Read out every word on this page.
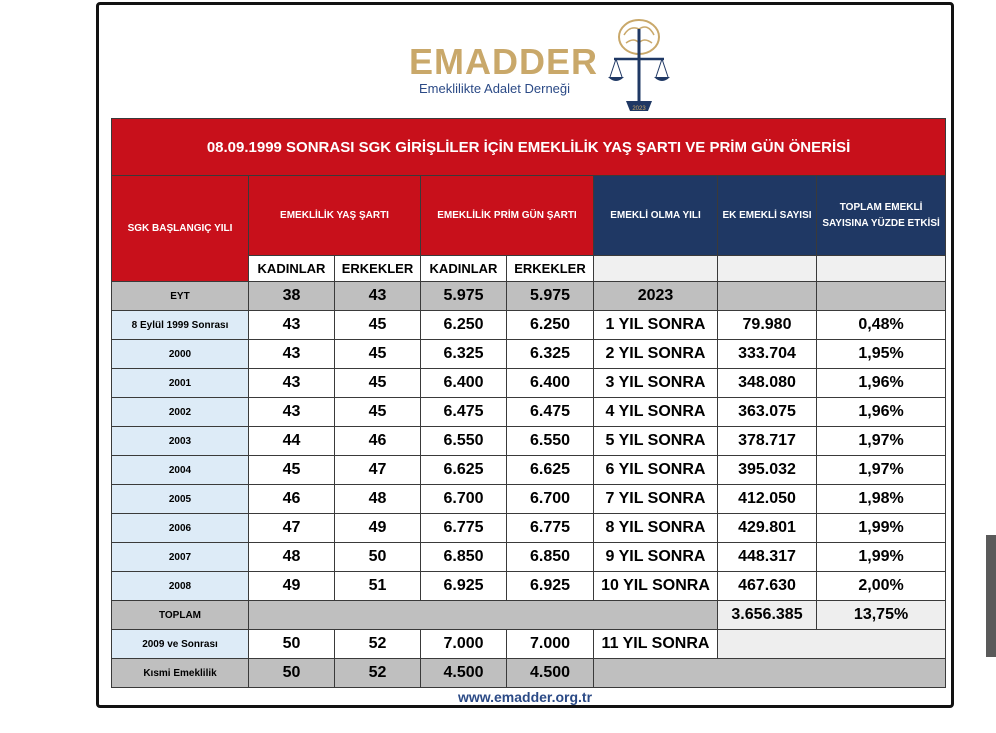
EMADDER
Emeklilikte Adalet Derneği
2023
08.09.1999 SONRASI SGK GİRİŞLİLER İÇİN EMEKLİLİK YAŞ ŞARTI VE PRİM GÜN ÖNERİSİ							
SGK BAŞLANGIÇ YILI	EMEKLİLİK YAŞ ŞARTI		EMEKLİLİK PRİM GÜN ŞARTI		EMEKLİ OLMA YILI	EK EMEKLİ SAYISI	TOPLAM EMEKLİ SAYISINA YÜZDE ETKİSİ
	KADINLAR	ERKEKLER	KADINLAR	ERKEKLER			
EYT	38	43	5.975	5.975	2023		
8 Eylül 1999 Sonrası	43	45	6.250	6.250	1 YIL SONRA	79.980	0,48%
2000	43	45	6.325	6.325	2 YIL SONRA	333.704	1,95%
2001	43	45	6.400	6.400	3 YIL SONRA	348.080	1,96%
2002	43	45	6.475	6.475	4 YIL SONRA	363.075	1,96%
2003	44	46	6.550	6.550	5 YIL SONRA	378.717	1,97%
2004	45	47	6.625	6.625	6 YIL SONRA	395.032	1,97%
2005	46	48	6.700	6.700	7 YIL SONRA	412.050	1,98%
2006	47	49	6.775	6.775	8 YIL SONRA	429.801	1,99%
2007	48	50	6.850	6.850	9 YIL SONRA	448.317	1,99%
2008	49	51	6.925	6.925	10 YIL SONRA	467.630	2,00%
TOPLAM						3.656.385	13,75%
2009 ve Sonrası	50	52	7.000	7.000	11 YIL SONRA		
Kısmi Emeklilik	50	52	4.500	4.500			
www.emadder.org.tr
